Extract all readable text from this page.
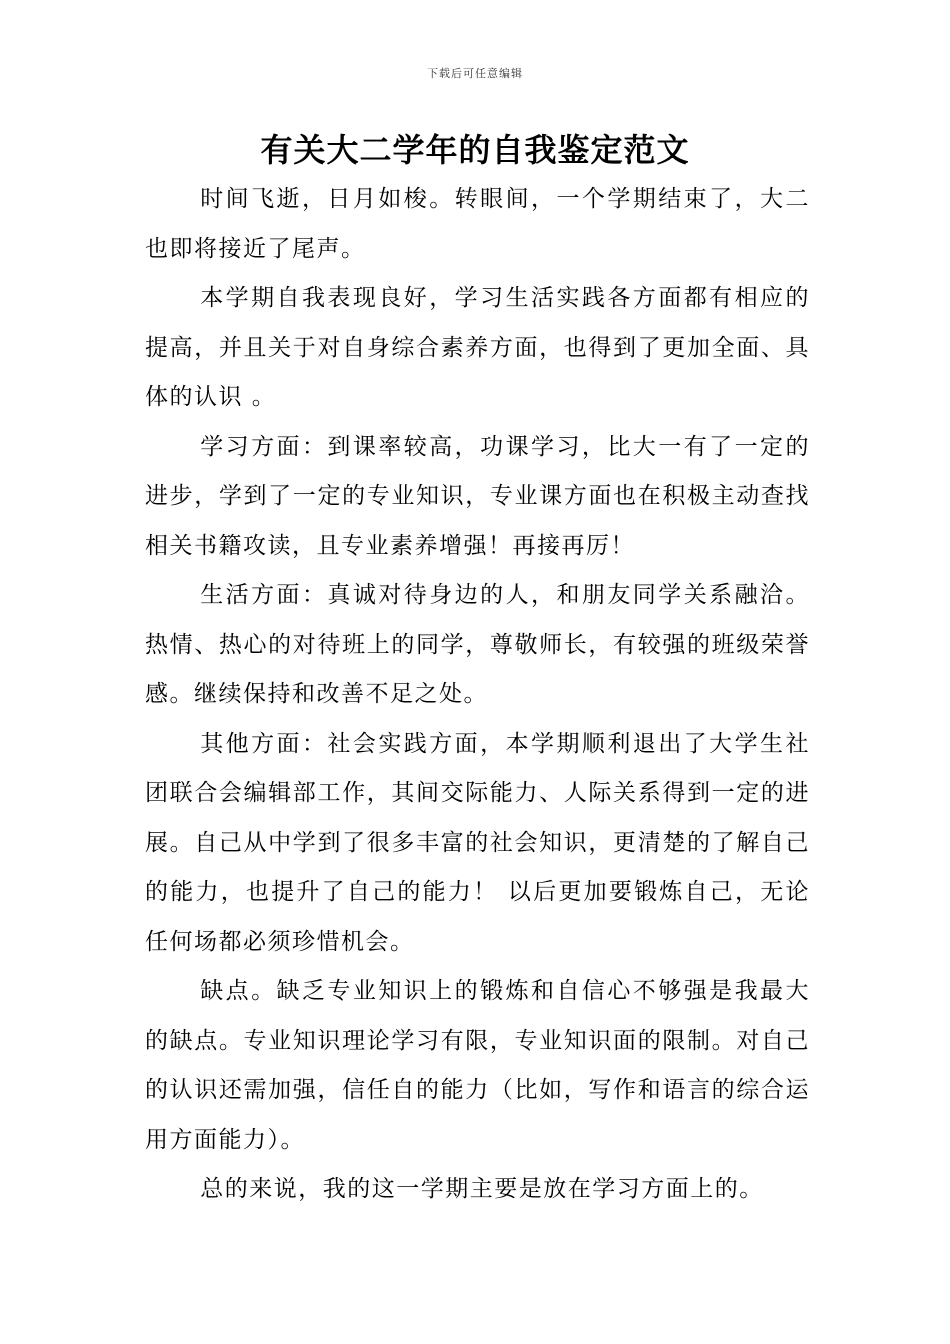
下载后可任意编辑
有关大二学年的自我鉴定范文

时间飞逝，日月如梭。转眼间，一个学期结束了，大二也即将接近了尾声。

本学期自我表现良好，学习生活实践各方面都有相应的提高，并且关于对自身综合素养方面，也得到了更加全面、具体的认识 。

学习方面：到课率较高，功课学习，比大一有了一定的进步，学到了一定的专业知识，专业课方面也在积极主动查找相关书籍攻读，且专业素养增强！再接再厉！

生活方面：真诚对待身边的人，和朋友同学关系融洽。热情、热心的对待班上的同学，尊敬师长，有较强的班级荣誉感。继续保持和改善不足之处。

其他方面：社会实践方面，本学期顺利退出了大学生社团联合会编辑部工作，其间交际能力、人际关系得到一定的进展。自己从中学到了很多丰富的社会知识，更清楚的了解自己的能力，也提升了自己的能力！ 以后更加要锻炼自己，无论任何场都必须珍惜机会。

缺点。缺乏专业知识上的锻炼和自信心不够强是我最大的缺点。专业知识理论学习有限，专业知识面的限制。对自己的认识还需加强，信任自的能力（比如，写作和语言的综合运用方面能力）。

总的来说，我的这一学期主要是放在学习方面上的。
